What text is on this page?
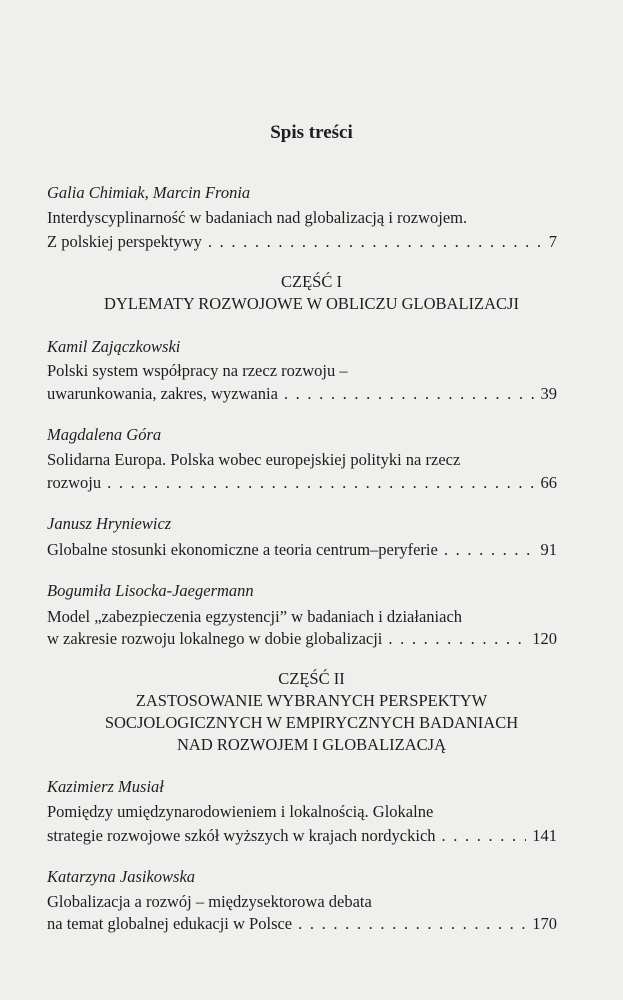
Spis treści
Galia Chimiak, Marcin Fronia
Interdyscyplinarność w badaniach nad globalizacją i rozwojem.
Z polskiej perspektywy . . .	7
CZĘŚĆ I
DYLEMATY ROZWOJOWE W OBLICZU GLOBALIZACJI
Kamil Zajączkowski
Polski system współpracy na rzecz rozwoju –
uwarunkowania, zakres, wyzwania . . .	39
Magdalena Góra
Solidarna Europa. Polska wobec europejskiej polityki na rzecz
rozwoju . . .	66
Janusz Hryniewicz
Globalne stosunki ekonomiczne a teoria centrum–peryferie . . .	91
Bogumiła Lisocka-Jaegermann
Model „zabezpieczenia egzystencji” w badaniach i działaniach
w zakresie rozwoju lokalnego w dobie globalizacji . . .	120
CZĘŚĆ II
ZASTOSOWANIE WYBRANYCH PERSPEKTYW
SOCJOLOGICZNYCH W EMPIRYCZNYCH BADANIACH
NAD ROZWOJEM I GLOBALIZACJĄ
Kazimierz Musiał
Pomiędzy umiędzynarodowieniem i lokalnością. Glokalne
strategie rozwojowe szkół wyższych w krajach nordyckich . . .	141
Katarzyna Jasikowska
Globalizacja a rozwój – międzysektorowa debata
na temat globalnej edukacji w Polsce . . .	170
